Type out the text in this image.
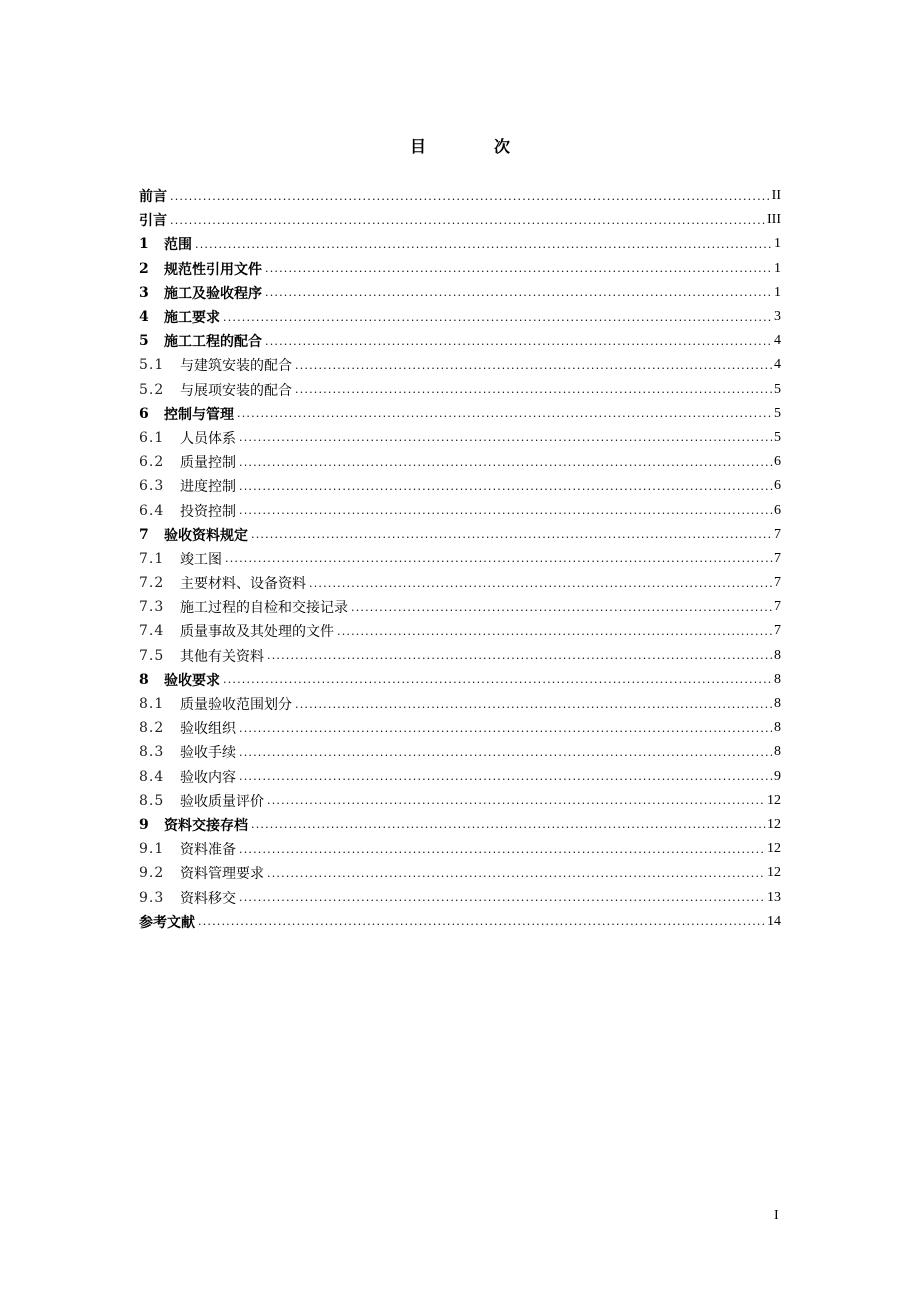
目　次
前言 .....	II
引言 .....	III
1	范围 .....	1
2	规范性引用文件 .....	1
3	施工及验收程序 .....	1
4	施工要求 .....	3
5	施工工程的配合 .....	4
5.1	与建筑安装的配合 .....	4
5.2	与展项安装的配合 .....	5
6	控制与管理 .....	5
6.1	人员体系 .....	5
6.2	质量控制 .....	6
6.3	进度控制 .....	6
6.4	投资控制 .....	6
7	验收资料规定 .....	7
7.1	竣工图 .....	7
7.2	主要材料、设备资料 .....	7
7.3	施工过程的自检和交接记录 .....	7
7.4	质量事故及其处理的文件 .....	7
7.5	其他有关资料 .....	8
8	验收要求 .....	8
8.1	质量验收范围划分 .....	8
8.2	验收组织 .....	8
8.3	验收手续 .....	8
8.4	验收内容 .....	9
8.5	验收质量评价 .....	12
9	资料交接存档 .....	12
9.1	资料准备 .....	12
9.2	资料管理要求 .....	12
9.3	资料移交 .....	13
参考文献 .....	14
I
